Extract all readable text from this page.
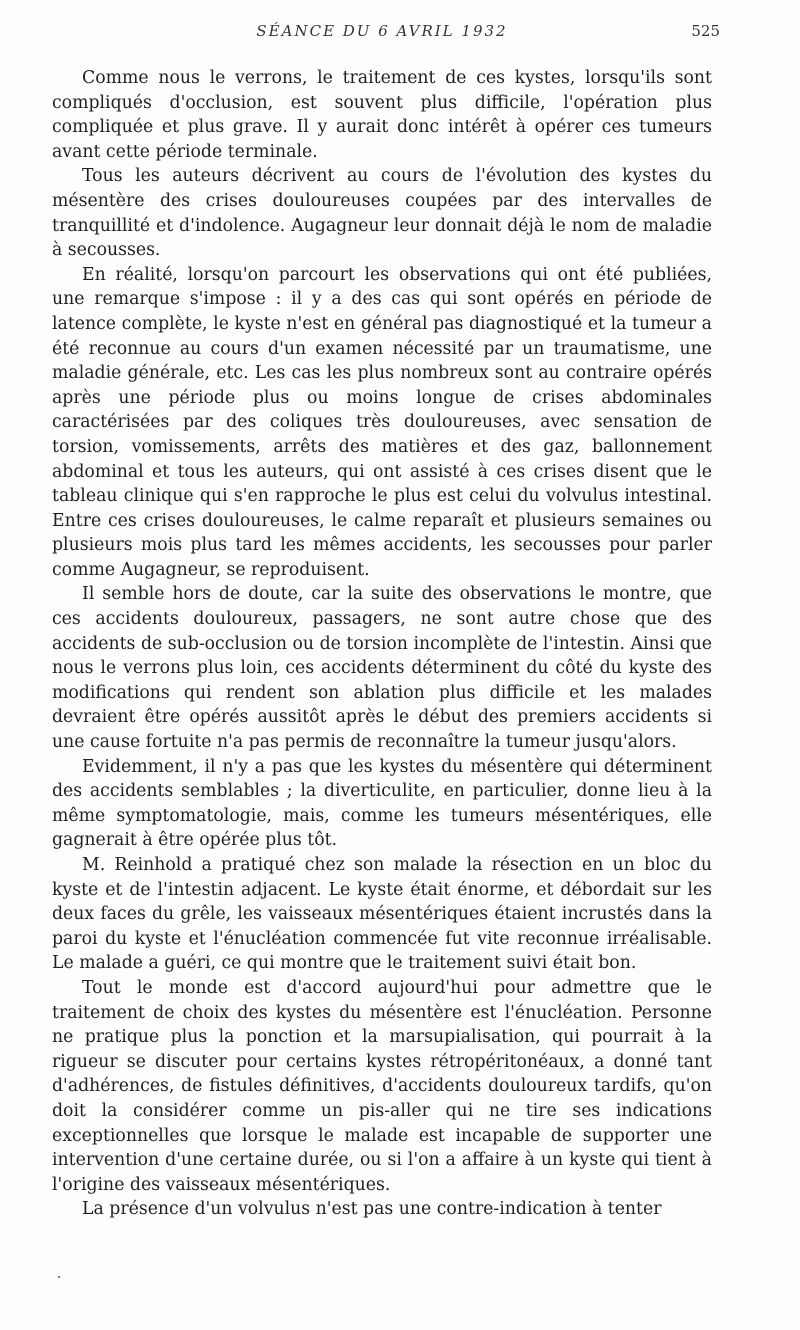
SÉANCE DU 6 AVRIL 1932	525

Comme nous le verrons, le traitement de ces kystes, lorsqu'ils sont compliqués d'occlusion, est souvent plus difficile, l'opération plus compliquée et plus grave. Il y aurait donc intérêt à opérer ces tumeurs avant cette période terminale.

Tous les auteurs décrivent au cours de l'évolution des kystes du mésentère des crises douloureuses coupées par des intervalles de tranquillité et d'indolence. Augagneur leur donnait déjà le nom de maladie à secousses.

En réalité, lorsqu'on parcourt les observations qui ont été publiées, une remarque s'impose : il y a des cas qui sont opérés en période de latence complète, le kyste n'est en général pas diagnostiqué et la tumeur a été reconnue au cours d'un examen nécessité par un traumatisme, une maladie générale, etc. Les cas les plus nombreux sont au contraire opérés après une période plus ou moins longue de crises abdominales caractérisées par des coliques très douloureuses, avec sensation de torsion, vomissements, arrêts des matières et des gaz, ballonnement abdominal et tous les auteurs, qui ont assisté à ces crises disent que le tableau clinique qui s'en rapproche le plus est celui du volvulus intestinal. Entre ces crises douloureuses, le calme reparaît et plusieurs semaines ou plusieurs mois plus tard les mêmes accidents, les secousses pour parler comme Augagneur, se reproduisent.

Il semble hors de doute, car la suite des observations le montre, que ces accidents douloureux, passagers, ne sont autre chose que des accidents de sub-occlusion ou de torsion incomplète de l'intestin. Ainsi que nous le verrons plus loin, ces accidents déterminent du côté du kyste des modifications qui rendent son ablation plus difficile et les malades devraient être opérés aussitôt après le début des premiers accidents si une cause fortuite n'a pas permis de reconnaître la tumeur jusqu'alors.

Evidemment, il n'y a pas que les kystes du mésentère qui déterminent des accidents semblables ; la diverticulite, en particulier, donne lieu à la même symptomatologie, mais, comme les tumeurs mésentériques, elle gagnerait à être opérée plus tôt.

M. Reinhold a pratiqué chez son malade la résection en un bloc du kyste et de l'intestin adjacent. Le kyste était énorme, et débordait sur les deux faces du grêle, les vaisseaux mésentériques étaient incrustés dans la paroi du kyste et l'énucléation commencée fut vite reconnue irréalisable. Le malade a guéri, ce qui montre que le traitement suivi était bon.

Tout le monde est d'accord aujourd'hui pour admettre que le traitement de choix des kystes du mésentère est l'énucléation. Personne ne pratique plus la ponction et la marsupialisation, qui pourrait à la rigueur se discuter pour certains kystes rétropéritonéaux, a donné tant d'adhérences, de fistules définitives, d'accidents douloureux tardifs, qu'on doit la considérer comme un pis-aller qui ne tire ses indications exceptionnelles que lorsque le malade est incapable de supporter une intervention d'une certaine durée, ou si l'on a affaire à un kyste qui tient à l'origine des vaisseaux mésentériques.

La présence d'un volvulus n'est pas une contre-indication à tenter
